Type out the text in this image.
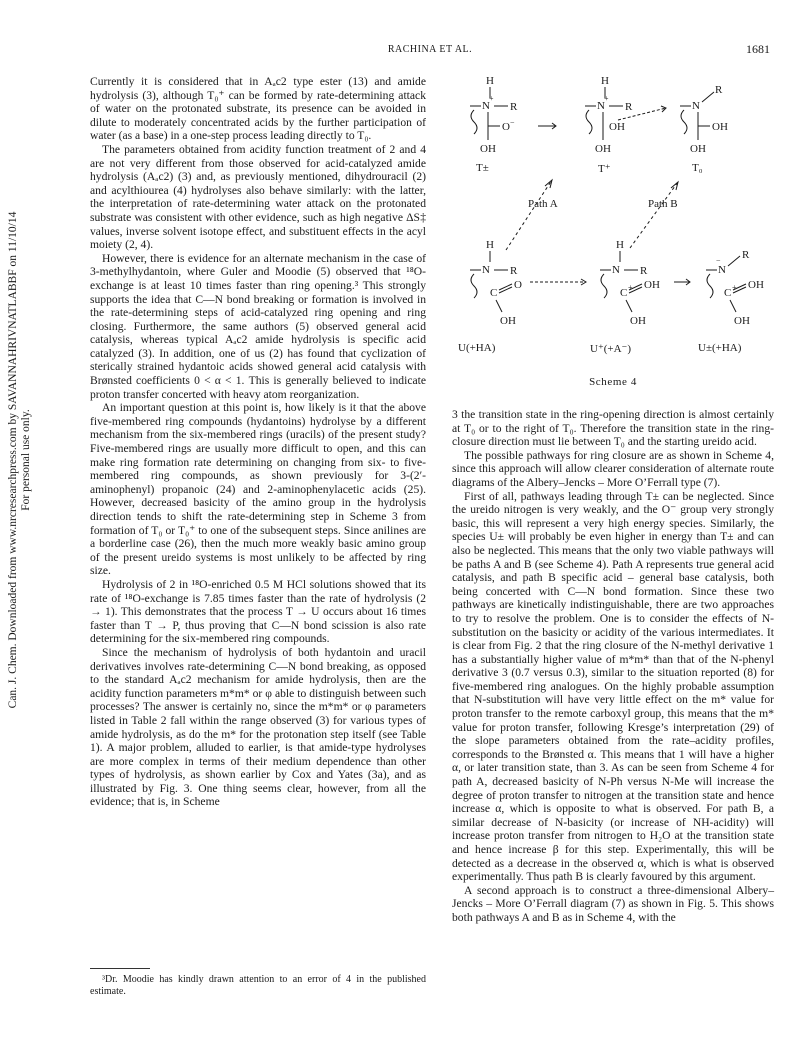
Can. J. Chem. Downloaded from www.nrcresearchpress.com by SAVANNAHRIVNATLABBF on 11/10/14 For personal use only.
RACHINA ET AL.	1681

Currently it is considered that in Aₐc2 type ester (13) and amide hydrolysis (3), although T₀⁺ can be formed by rate-determining attack of water on the protonated substrate, its presence can be avoided in dilute to moderately concentrated acids by the further participation of water (as a base) in a one-step process leading directly to T₀.

The parameters obtained from acidity function treatment of 2 and 4 are not very different from those observed for acid-catalyzed amide hydrolysis (Aₐc2) (3) and, as previously mentioned, dihydrouracil (2) and acylthiourea (4) hydrolyses also behave similarly: with the latter, the interpretation of rate-determining water attack on the protonated substrate was consistent with other evidence, such as high negative ΔS‡ values, inverse solvent isotope effect, and substituent effects in the acyl moiety (2, 4).

However, there is evidence for an alternate mechanism in the case of 3-methylhydantoin, where Guler and Moodie (5) observed that ¹⁸O-exchange is at least 10 times faster than ring opening.³ This strongly supports the idea that C—N bond breaking or formation is involved in the rate-determining steps of acid-catalyzed ring opening and ring closing. Furthermore, the same authors (5) observed general acid catalysis, whereas typical Aₐc2 amide hydrolysis is specific acid catalyzed (3). In addition, one of us (2) has found that cyclization of sterically strained hydantoic acids showed general acid catalysis with Brønsted coefficients 0 < α < 1. This is generally believed to indicate proton transfer concerted with heavy atom reorganization.

An important question at this point is, how likely is it that the above five-membered ring compounds (hydantoins) hydrolyse by a different mechanism from the six-membered rings (uracils) of the present study? Five-membered rings are usually more difficult to open, and this can make ring formation rate determining on changing from six- to five-membered ring compounds, as shown previously for 3-(2′-aminophenyl) propanoic (24) and 2-aminophenylacetic acids (25). However, decreased basicity of the amino group in the hydrolysis direction tends to shift the rate-determining step in Scheme 3 from formation of T₀ or T₀⁺ to one of the subsequent steps. Since anilines are a borderline case (26), then the much more weakly basic amino group of the present ureido systems is most unlikely to be affected by ring size.

Hydrolysis of 2 in ¹⁸O-enriched 0.5 M HCl solutions showed that its rate of ¹⁸O-exchange is 7.85 times faster than the rate of hydrolysis (2 → 1). This demonstrates that the process T → U occurs about 16 times faster than T → P, thus proving that C—N bond scission is also rate determining for the six-membered ring compounds.

Since the mechanism of hydrolysis of both hydantoin and uracil derivatives involves rate-determining C—N bond breaking, as opposed to the standard Aₐc2 mechanism for amide hydrolysis, then are the acidity function parameters m*m* or φ able to distinguish between such processes? The answer is certainly no, since the m*m* or φ parameters listed in Table 2 fall within the range observed (3) for various types of amide hydrolysis, as do the m* for the protonation step itself (see Table 1). A major problem, alluded to earlier, is that amide-type hydrolyses are more complex in terms of their medium dependence than other types of hydrolysis, as shown earlier by Cox and Yates (3a), and as illustrated by Fig. 3. One thing seems clear, however, from all the evidence; that is, in Scheme

³Dr. Moodie has kindly drawn attention to an error of 4 in the published estimate.
H
N
+
R
O −
OH
H
N
+
R
OH
OH
N
R
OH
OH
H
N R
C
O
OH
H
N R
C + OH
OH
N
− R
C + OH
OH
T±	T⁺	T₀
Path A	Path B
U(+HA)	U⁺(+A⁻)	U±(+HA)
Scheme 4

3 the transition state in the ring-opening direction is almost certainly at T₀ or to the right of T₀. Therefore the transition state in the ring-closure direction must lie between T₀ and the starting ureido acid.

The possible pathways for ring closure are as shown in Scheme 4, since this approach will allow clearer consideration of alternate route diagrams of the Albery–Jencks – More O’Ferrall type (7).

First of all, pathways leading through T± can be neglected. Since the ureido nitrogen is very weakly, and the O⁻ group very strongly basic, this will represent a very high energy species. Similarly, the species U± will probably be even higher in energy than T± and can also be neglected. This means that the only two viable pathways will be paths A and B (see Scheme 4). Path A represents true general acid catalysis, and path B specific acid – general base catalysis, both being concerted with C—N bond formation. Since these two pathways are kinetically indistinguishable, there are two approaches to try to resolve the problem. One is to consider the effects of N-substitution on the basicity or acidity of the various intermediates. It is clear from Fig. 2 that the ring closure of the N-methyl derivative 1 has a substantially higher value of m*m* than that of the N-phenyl derivative 3 (0.7 versus 0.3), similar to the situation reported (8) for five-membered ring analogues. On the highly probable assumption that N-substitution will have very little effect on the m* value for proton transfer to the remote carboxyl group, this means that the m* value for proton transfer, following Kresge’s interpretation (29) of the slope parameters obtained from the rate–acidity profiles, corresponds to the Brønsted α. This means that 1 will have a higher α, or later transition state, than 3. As can be seen from Scheme 4 for path A, decreased basicity of N-Ph versus N-Me will increase the degree of proton transfer to nitrogen at the transition state and hence increase α, which is opposite to what is observed. For path B, a similar decrease of N-basicity (or increase of NH-acidity) will increase proton transfer from nitrogen to H₂O at the transition state and hence increase β for this step. Experimentally, this will be detected as a decrease in the observed α, which is what is observed experimentally. Thus path B is clearly favoured by this argument.

A second approach is to construct a three-dimensional Albery–Jencks – More O’Ferrall diagram (7) as shown in Fig. 5. This shows both pathways A and B as in Scheme 4, with the
